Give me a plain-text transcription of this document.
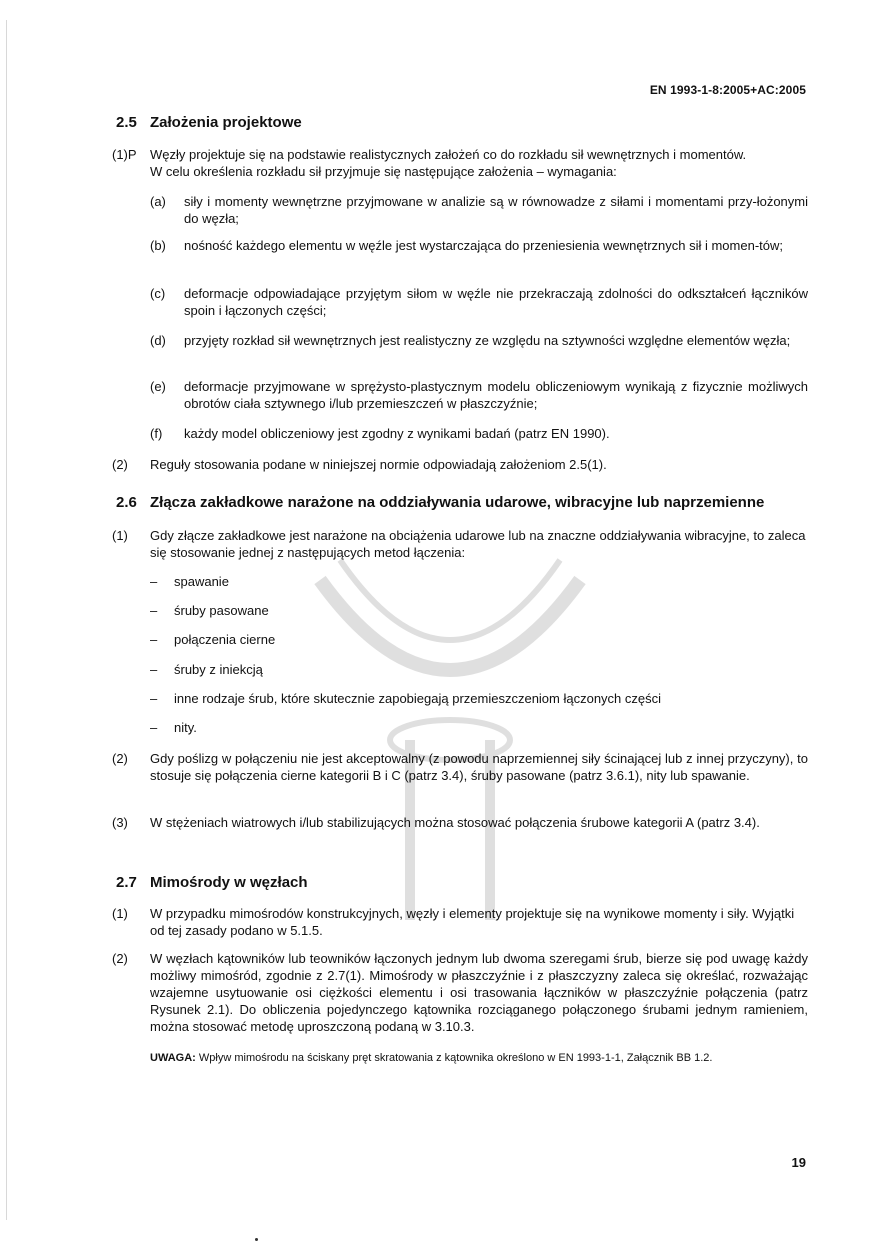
EN 1993-1-8:2005+AC:2005
2.5 Założenia projektowe
(1)P Węzły projektuje się na podstawie realistycznych założeń co do rozkładu sił wewnętrznych i momentów.
W celu określenia rozkładu sił przyjmuje się następujące założenia – wymagania:
(a) siły i momenty wewnętrzne przyjmowane w analizie są w równowadze z siłami i momentami przy-łożonymi do węzła;
(b) nośność każdego elementu w węźle jest wystarczająca do przeniesienia wewnętrznych sił i momen-tów;
(c) deformacje odpowiadające przyjętym siłom w węźle nie przekraczają zdolności do odkształceń łączników spoin i łączonych części;
(d) przyjęty rozkład sił wewnętrznych jest realistyczny ze względu na sztywności względne elementów węzła;
(e) deformacje przyjmowane w sprężysto-plastycznym modelu obliczeniowym wynikają z fizycznie możliwych obrotów ciała sztywnego i/lub przemieszczeń w płaszczyźnie;
(f) każdy model obliczeniowy jest zgodny z wynikami badań (patrz EN 1990).
(2) Reguły stosowania podane w niniejszej normie odpowiadają założeniom 2.5(1).
2.6 Złącza zakładkowe narażone na oddziaływania udarowe, wibracyjne lub naprzemienne
(1) Gdy złącze zakładkowe jest narażone na obciążenia udarowe lub na znaczne oddziaływania wibracyjne, to zaleca się stosowanie jednej z następujących metod łączenia:
– spawanie
– śruby pasowane
– połączenia cierne
– śruby z iniekcją
– inne rodzaje śrub, które skutecznie zapobiegają przemieszczeniom łączonych części
– nity.
(2) Gdy poślizg w połączeniu nie jest akceptowalny (z powodu naprzemiennej siły ścinającej lub z innej przyczyny), to stosuje się połączenia cierne kategorii B i C (patrz 3.4), śruby pasowane (patrz 3.6.1), nity lub spawanie.
(3) W stężeniach wiatrowych i/lub stabilizujących można stosować połączenia śrubowe kategorii A (patrz 3.4).
2.7 Mimośrody w węzłach
(1) W przypadku mimośrodów konstrukcyjnych, węzły i elementy projektuje się na wynikowe momenty i siły. Wyjątki od tej zasady podano w 5.1.5.
(2) W węzłach kątowników lub teowników łączonych jednym lub dwoma szeregami śrub, bierze się pod uwagę każdy możliwy mimośród, zgodnie z 2.7(1). Mimośrody w płaszczyźnie i z płaszczyzny zaleca się określać, rozważając wzajemne usytuowanie osi ciężkości elementu i osi trasowania łączników w płaszczyźnie połączenia (patrz Rysunek 2.1). Do obliczenia pojedynczego kątownika rozciąganego połączonego śrubami jednym ramieniem, można stosować metodę uproszczoną podaną w 3.10.3.
UWAGA: Wpływ mimośrodu na ściskany pręt skratowania z kątownika określono w EN 1993-1-1, Załącznik BB 1.2.
19
